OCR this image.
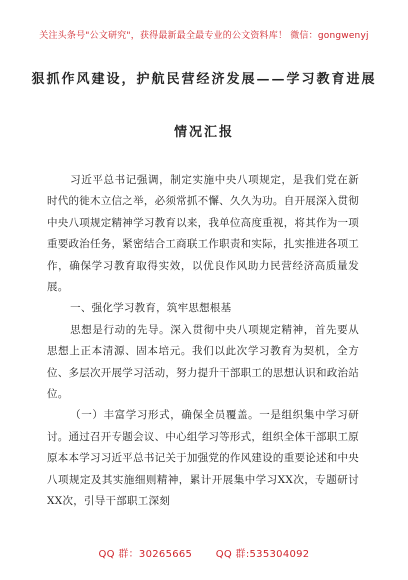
关注头条号"公文研究"，获得最新最全最专业的公文资料库！ 微信：gongwenyj
狠抓作风建设，护航民营经济发展——学习教育进展
情况汇报

习近平总书记强调，制定实施中央八项规定，是我们党在新时代的徙木立信之举，必须常抓不懈、久久为功。自开展深入贯彻中央八项规定精神学习教育以来，我单位高度重视，将其作为一项重要政治任务，紧密结合工商联工作职责和实际，扎实推进各项工作，确保学习教育取得实效，以优良作风助力民营经济高质量发展。

一、强化学习教育，筑牢思想根基

思想是行动的先导。深入贯彻中央八项规定精神，首先要从思想上正本清源、固本培元。我们以此次学习教育为契机，全方位、多层次开展学习活动，努力提升干部职工的思想认识和政治站位。

（一）丰富学习形式，确保全员覆盖。一是组织集中学习研讨。通过召开专题会议、中心组学习等形式，组织全体干部职工原原本本学习习近平总书记关于加强党的作风建设的重要论述和中央八项规定及其实施细则精神，累计开展集中学习XX次，专题研讨XX次，引导干部职工深刻

QQ 群：30265665 QQ 群:535304092
